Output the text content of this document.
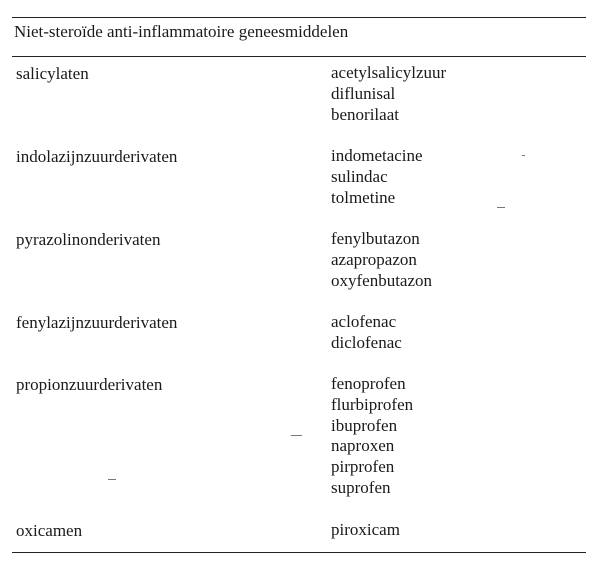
Niet-steroïde anti-inflammatoire geneesmiddelen
salicylaten	acetylsalicylzuur
diflunisal
benorilaat
indolazijnzuurderivaten	indometacine
sulindac
tolmetine
pyrazolinonderivaten	fenylbutazon
azapropazon
oxyfenbutazon
fenylazijnzuurderivaten	aclofenac
diclofenac
propionzuurderivaten	fenoprofen
flurbiprofen
ibuprofen
naproxen
pirprofen
suprofen
oxicamen	piroxicam
